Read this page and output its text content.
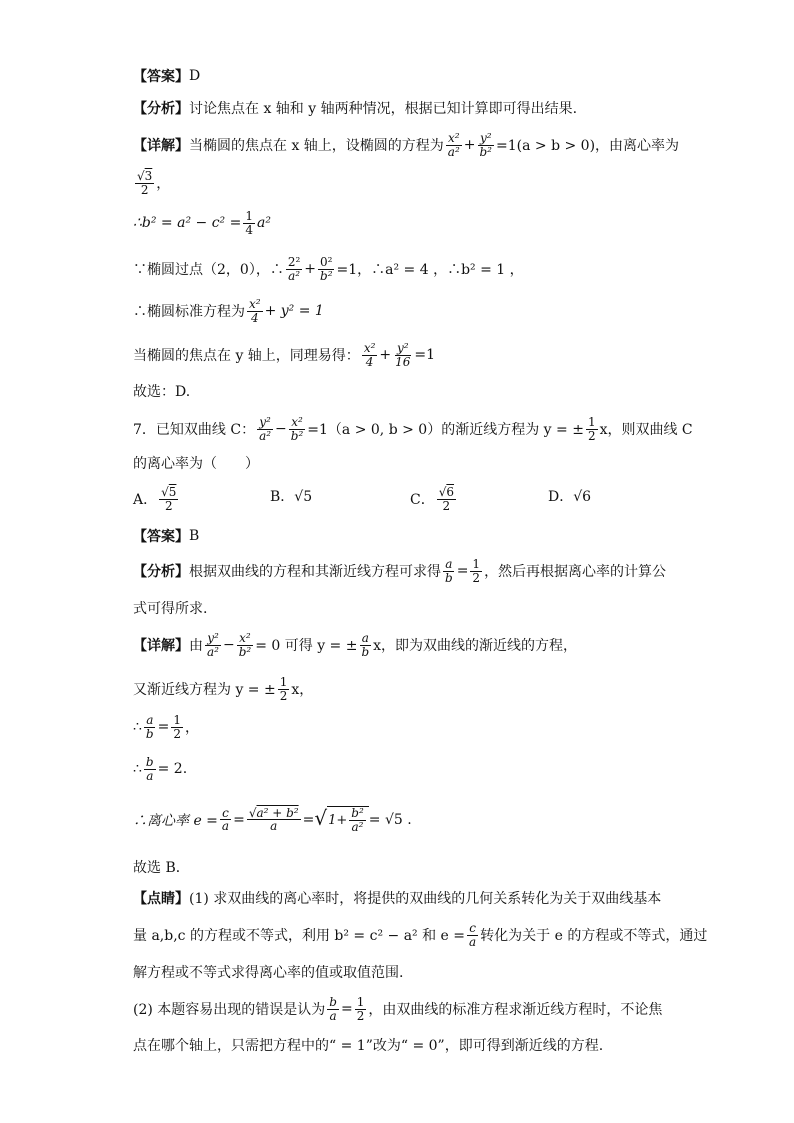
【答案】 D
【分析】 讨论焦点在 x 轴和 y 轴两种情况，根据已知计算即可得出结果.
【详解】 当椭圆的焦点在 x 轴上，设椭圆的方程为 $\frac{\text{x²}}{\text{a²}} + \frac{\text{y²}}{\text{b²}} =1(a > b > 0)$，由离心率为
$\frac{√3}{2}$ ，
∴b² = $a^2 - c^2 = \frac{1}{4} a^2$
∵椭圆过点（2，0），∴ $\frac{\text{2²}}{\text{a²}} + \frac{\text{0²}}{\text{b²}} =1$，∴a² = 4 ，∴b² = 1 ，
∴椭圆标准方程为 $\frac{\text{x²}}{4} + y^2 = 1$
当椭圆的焦点在 y 轴上，同理易得： $\frac{\text{x²}}{4} + \frac{\text{y²}}{16} =1$
故选：D.
7．已知双曲线 C： $\frac{\text{y²}}{\text{a²}} - \frac{\text{x²}}{\text{b²}} =1(a > 0$, b > 0）的渐近线方程为 y = ± $\frac{1}{2}$ x，则双曲线 C
的离心率为（　　）
A． $\frac{√5}{2}$	B．√5	C． $\frac{√6}{2}$	D．√6
【答案】 B
【分析】 根据双曲线的方程和其渐近线方程可求得 $\frac{a}{b} = \frac{1}{2}$ ，然后再根据离心率的计算公
式可得所求.
【详解】 由 $\frac{\text{y²}}{\text{a²}} - \frac{\text{x²}}{\text{b²}} = 0$ 可得 y = ± $\frac{a}{b}$ x，即为双曲线的渐近线的方程，
又渐近线方程为 y = ± $\frac{1}{2}$ x，
∴ $\frac{a}{b} = \frac{1}{2}$ ，
∴ $\frac{b}{a} = 2$.
∴离心率 $e = \frac{c}{a} = \frac{\text{√a² + b²}}{a}$ = √ $1+ \frac{\text{b²}}{\text{a²}} = √5$ .
故选 B．
【点睛】 (1) 求双曲线的离心率时，将提供的双曲线的几何关系转化为关于双曲线基本
量 a,b,c 的方程或不等式，利用 b² = c² − a² 和 $e = \frac{c}{a}$ 转化为关于 e 的方程或不等式，通过
解方程或不等式求得离心率的值或取值范围.
(2) 本题容易出现的错误是认为 $\frac{b}{a} = \frac{1}{2}$ ，由双曲线的标准方程求渐近线方程时，不论焦
点在哪个轴上，只需把方程中的“ = 1”改为“ = 0”，即可得到渐近线的方程.
